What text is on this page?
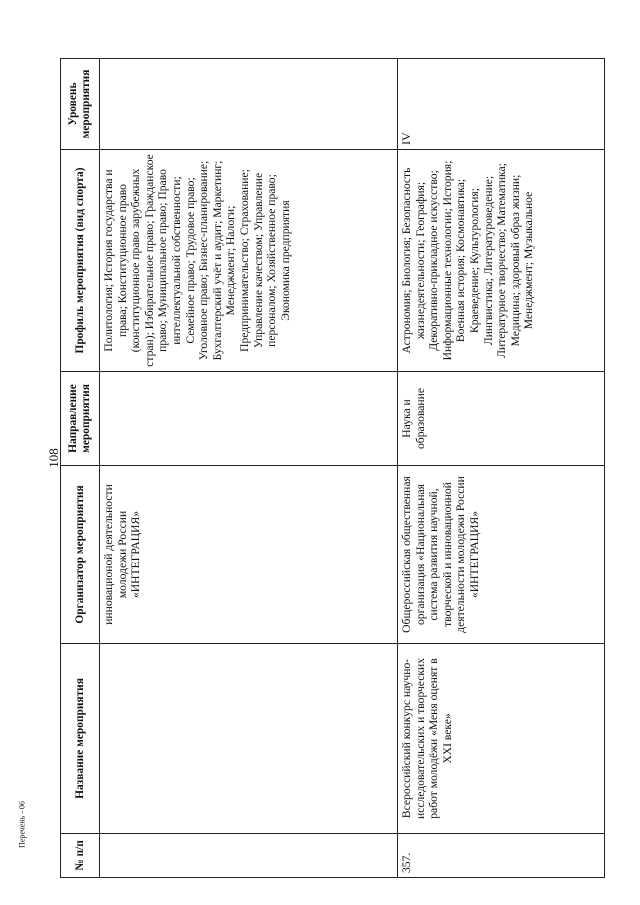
108
Перечень - 06
№ п/п	Название мероприятия	Организатор мероприятия	Направление мероприятия	Профиль мероприятия (вид спорта)	Уровень мероприятия
		инновационой деятельности молодежи России «ИНТЕГРАЦИЯ»		Политология; История государства и права; Конституционное право (конституционное право зарубежных стран); Избирательное право; Гражданское право; Муниципальное право; Право интеллектуальной собственности; Семейное право; Трудовое право; Уголовное право; Бизнес-планирование; Бухгалтерский учёт и аудит; Маркетинг; Менеджмент; Налоги; Предпринимательство; Страхование; Управление качеством; Управление персоналом; Хозяйственное право; Экономика предприятия	
357.	Всероссийский конкурс научно-исследовательских и творческих работ молодёжи «Меня оценят в XXI веке»	Общероссийская общественная организация «Национальная система развития научной, творческой и инновационной деятельности молодежи России «ИНТЕГРАЦИЯ»	Наука и образование	Астрономия; Биология; Безопасность жизнедеятельности; География; Декоративно-прикладное искусство; Информационные технологии; История; Военная история; Космонавтика; Краеведение; Культурология; Лингвистика; Литературоведение; Литературное творчество; Математика; Медицина; здоровый образ жизни; Менеджмент; Музыкальное	IV
